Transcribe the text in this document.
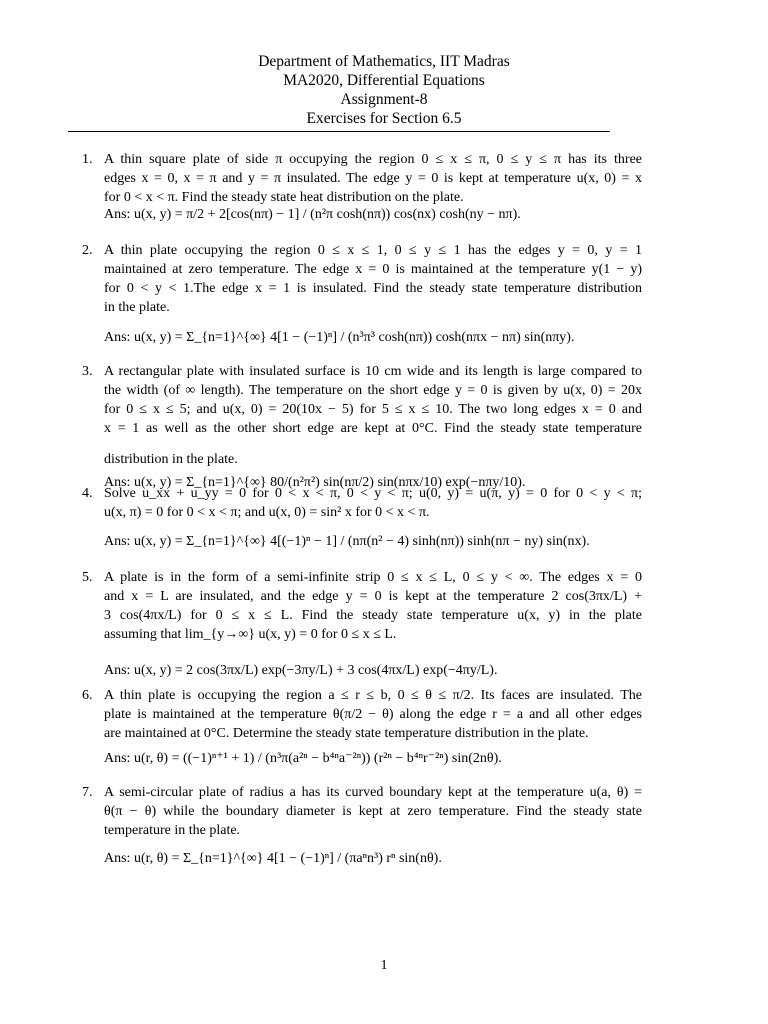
Department of Mathematics, IIT Madras
MA2020, Differential Equations
Assignment-8
Exercises for Section 6.5
1. A thin square plate of side π occupying the region 0 ≤ x ≤ π, 0 ≤ y ≤ π has its three
edges x = 0, x = π and y = π insulated. The edge y = 0 is kept at temperature u(x, 0) = x
for 0 < x < π. Find the steady state heat distribution on the plate.
Ans: u(x, y) = π/2 + 2[cos(nπ) − 1] / (n²π cosh(nπ)) cos(nx) cosh(ny − nπ).
2. A thin plate occupying the region 0 ≤ x ≤ 1, 0 ≤ y ≤ 1 has the edges y = 0, y = 1
maintained at zero temperature. The edge x = 0 is maintained at the temperature y(1 − y)
for 0 < y < 1.The edge x = 1 is insulated. Find the steady state temperature distribution
in the plate.
Ans: u(x, y) = Σ_{n=1}^{∞} 4[1 − (−1)ⁿ] / (n³π³ cosh(nπ)) cosh(nπx − nπ) sin(nπy).
3. A rectangular plate with insulated surface is 10 cm wide and its length is large compared to
the width (of ∞ length). The temperature on the short edge y = 0 is given by u(x, 0) = 20x
for 0 ≤ x ≤ 5; and u(x, 0) = 20(10x − 5) for 5 ≤ x ≤ 10. The two long edges x = 0 and
x = 1 as well as the other short edge are kept at 0°C. Find the steady state temperature
distribution in the plate.
Ans: u(x, y) = Σ_{n=1}^{∞} 80/(n²π²) sin(nπ/2) sin(nπx/10) exp(−nπy/10).
4. Solve u_xx + u_yy = 0 for 0 < x < π, 0 < y < π; u(0, y) = u(π, y) = 0 for 0 < y < π;
u(x, π) = 0 for 0 < x < π; and u(x, 0) = sin² x for 0 < x < π.
Ans: u(x, y) = Σ_{n=1}^{∞} 4[(−1)ⁿ − 1] / (nπ(n² − 4) sinh(nπ)) sinh(nπ − ny) sin(nx).
5. A plate is in the form of a semi-infinite strip 0 ≤ x ≤ L, 0 ≤ y < ∞. The edges x = 0
and x = L are insulated, and the edge y = 0 is kept at the temperature 2 cos(3πx/L) +
3 cos(4πx/L) for 0 ≤ x ≤ L. Find the steady state temperature u(x, y) in the plate
assuming that lim_{y→∞} u(x, y) = 0 for 0 ≤ x ≤ L.
Ans: u(x, y) = 2 cos(3πx/L) exp(−3πy/L) + 3 cos(4πx/L) exp(−4πy/L).
6. A thin plate is occupying the region a ≤ r ≤ b, 0 ≤ θ ≤ π/2. Its faces are insulated. The
plate is maintained at the temperature θ(π/2 − θ) along the edge r = a and all other edges
are maintained at 0°C. Determine the steady state temperature distribution in the plate.
Ans: u(r, θ) = ((−1)ⁿ⁺¹ + 1) / (n³π(a²ⁿ − b⁴ⁿa⁻²ⁿ)) (r²ⁿ − b⁴ⁿr⁻²ⁿ) sin(2nθ).
7. A semi-circular plate of radius a has its curved boundary kept at the temperature u(a, θ) =
θ(π − θ) while the boundary diameter is kept at zero temperature. Find the steady state
temperature in the plate.
Ans: u(r, θ) = Σ_{n=1}^{∞} 4[1 − (−1)ⁿ] / (πaⁿn³) rⁿ sin(nθ).
1
